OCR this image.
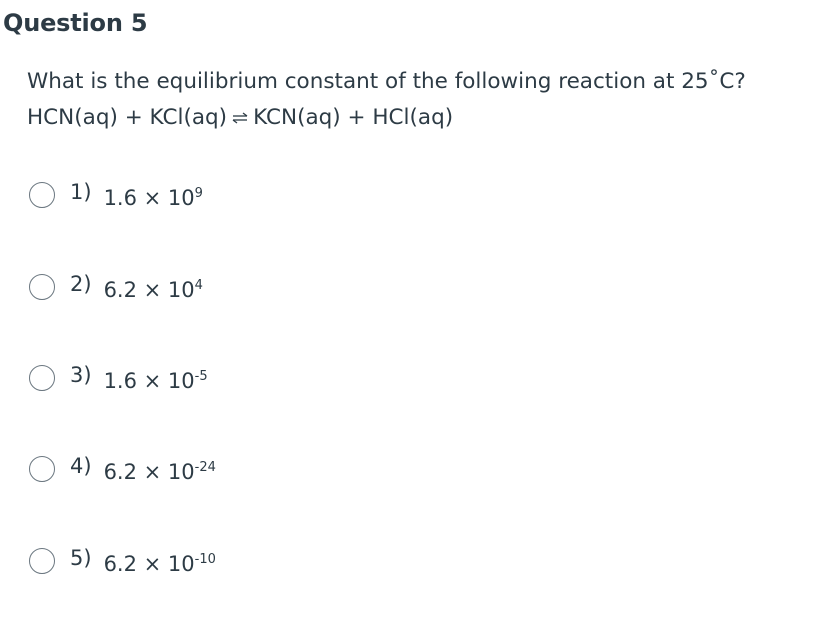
Question 5
What is the equilibrium constant of the following reaction at 25˚C?
HCN(aq) + KCl(aq) ⇌ KCN(aq) + HCl(aq)
1) $1.6 \times 10^9$
2) $6.2 \times 10^4$
3) $1.6 \times 10^{-5}$
4) $6.2 \times 10^{-24}$
5) $6.2 \times 10^{-10}$
